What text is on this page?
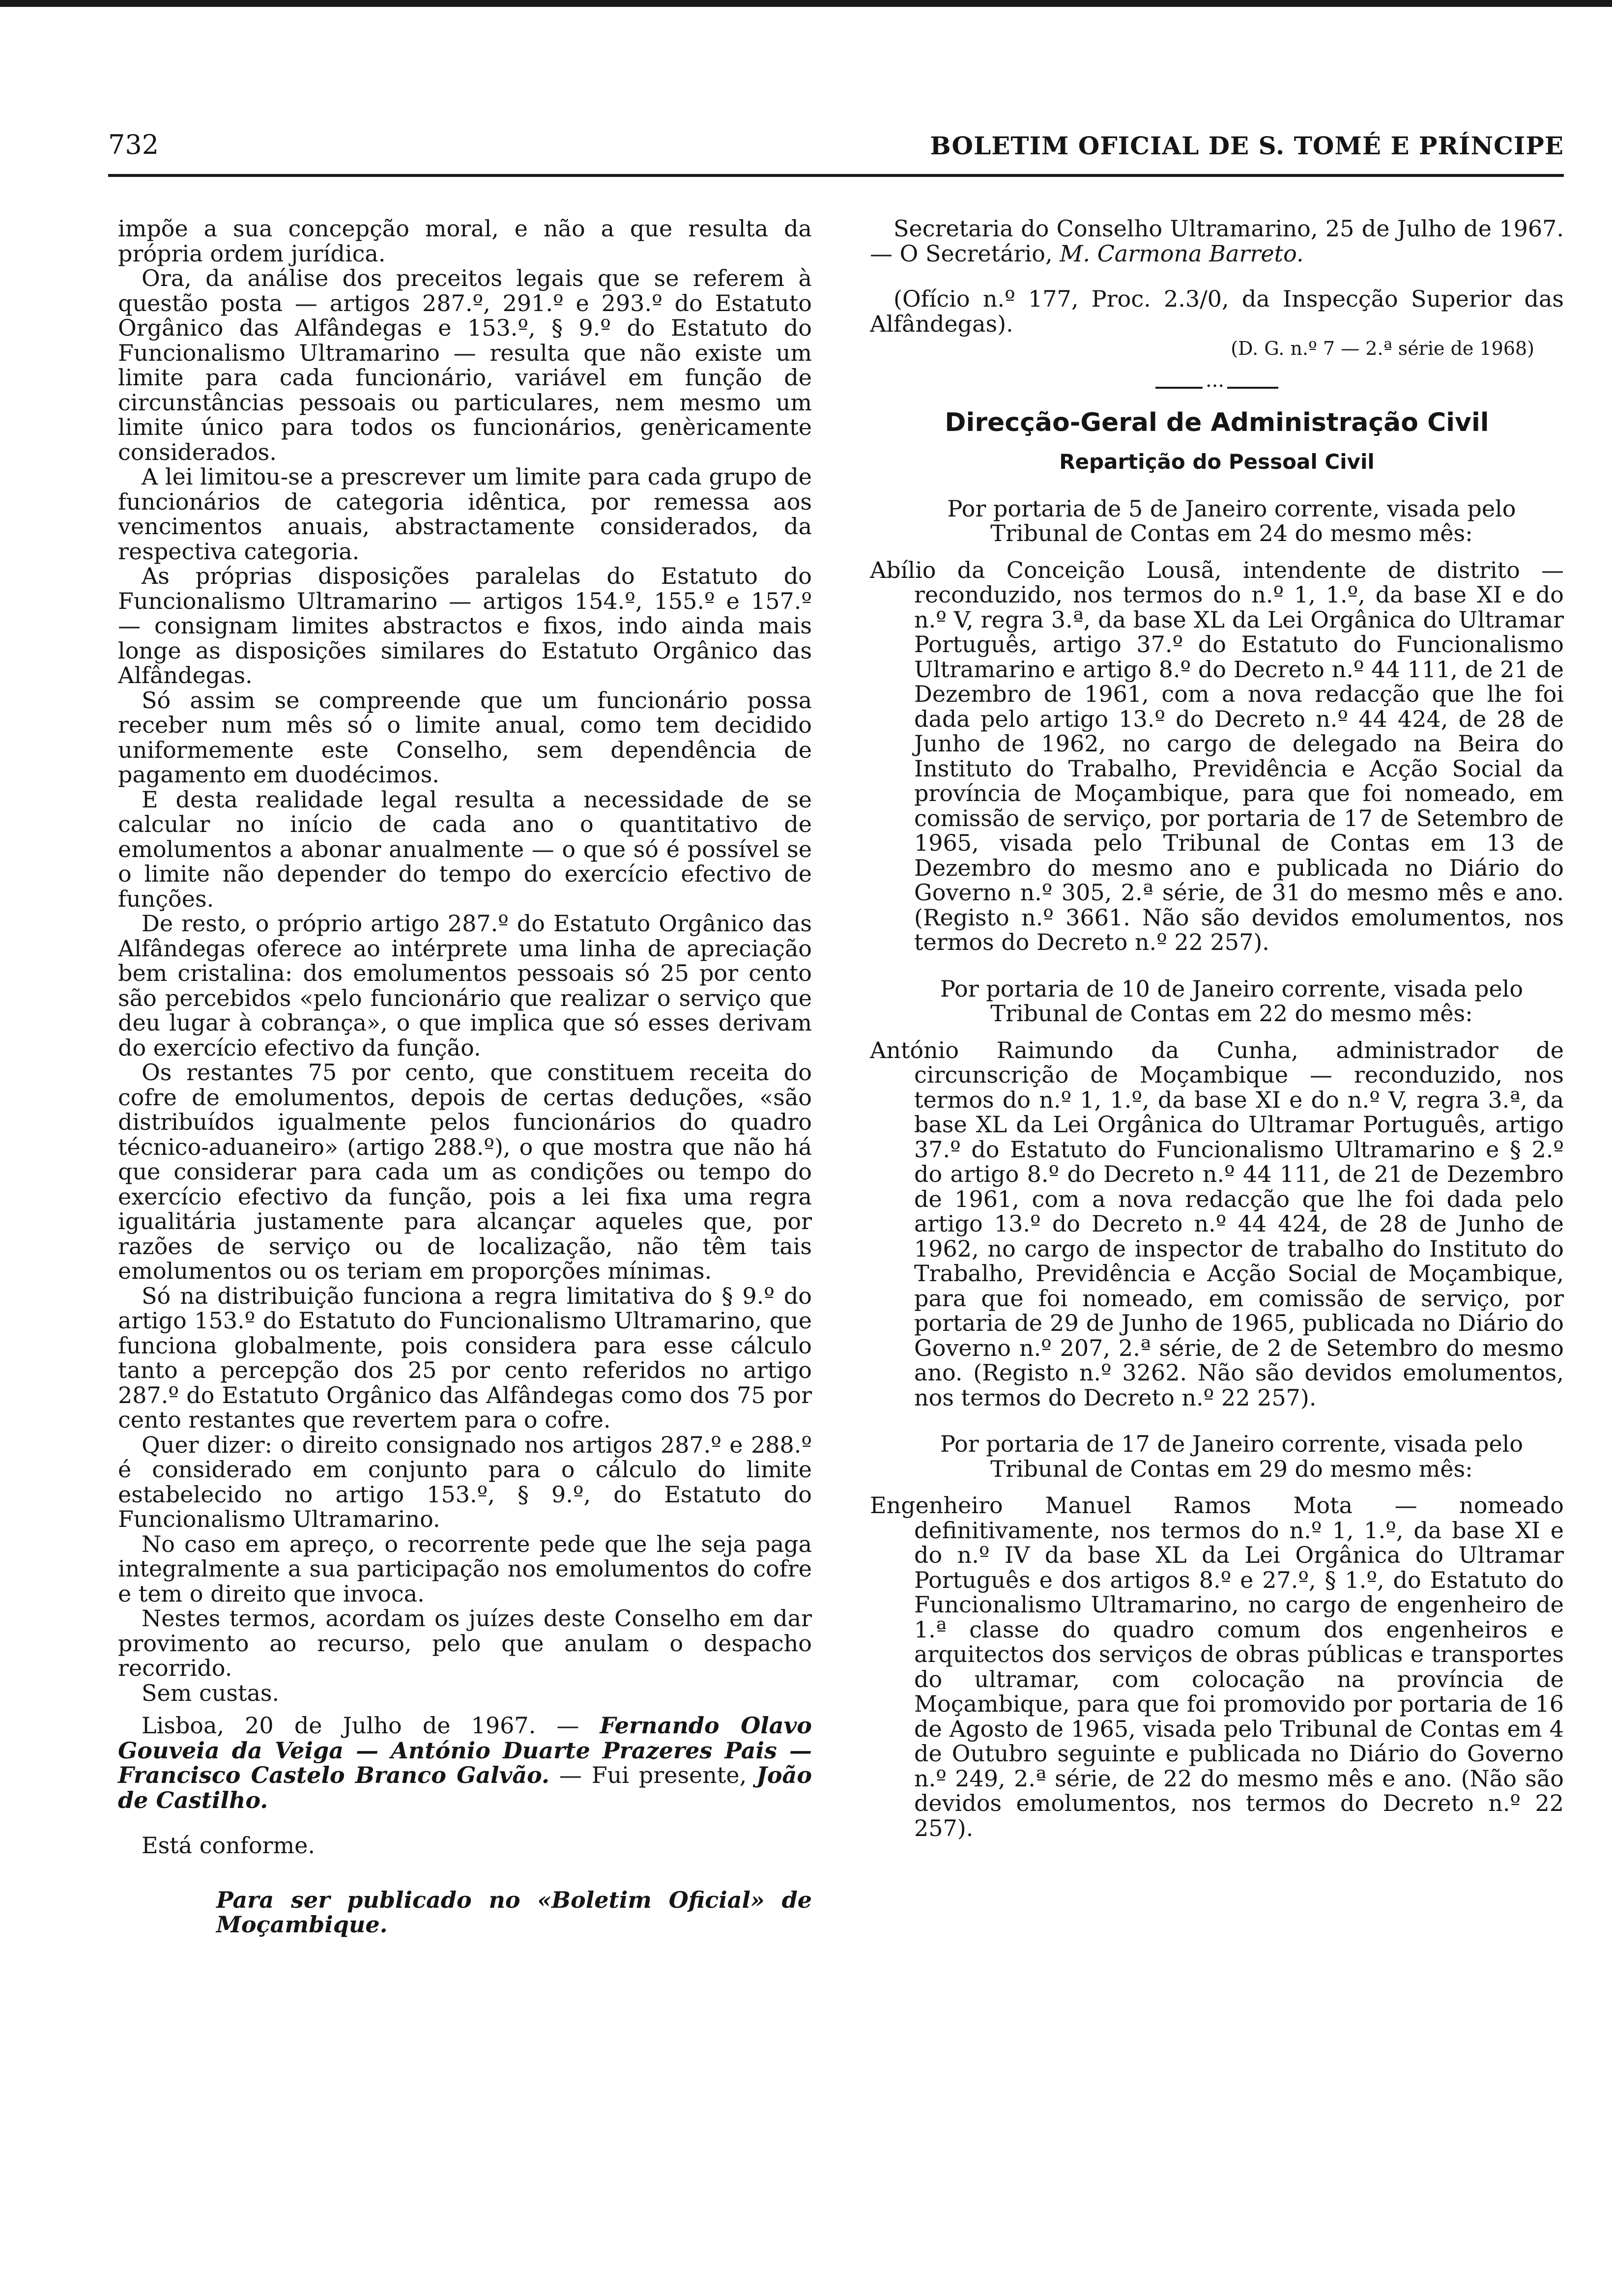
732	BOLETIM OFICIAL DE S. TOMÉ E PRÍNCIPE

impõe a sua concepção moral, e não a que resulta da própria ordem jurídica.

Ora, da análise dos preceitos legais que se referem à questão posta — artigos 287.º, 291.º e 293.º do Estatuto Orgânico das Alfândegas e 153.º, § 9.º do Estatuto do Funcionalismo Ultramarino — resulta que não existe um limite para cada funcionário, variável em função de circunstâncias pessoais ou particulares, nem mesmo um limite único para todos os funcionários, genèricamente considerados.

A lei limitou-se a prescrever um limite para cada grupo de funcionários de categoria idêntica, por remessa aos vencimentos anuais, abstractamente considerados, da respectiva categoria.

As próprias disposições paralelas do Estatuto do Funcionalismo Ultramarino — artigos 154.º, 155.º e 157.º — consignam limites abstractos e fixos, indo ainda mais longe as disposições similares do Estatuto Orgânico das Alfândegas.

Só assim se compreende que um funcionário possa receber num mês só o limite anual, como tem decidido uniformemente este Conselho, sem dependência de pagamento em duodécimos.

E desta realidade legal resulta a necessidade de se calcular no início de cada ano o quantitativo de emolumentos a abonar anualmente — o que só é possível se o limite não depender do tempo do exercício efectivo de funções.

De resto, o próprio artigo 287.º do Estatuto Orgânico das Alfândegas oferece ao intérprete uma linha de apreciação bem cristalina: dos emolumentos pessoais só 25 por cento são percebidos «pelo funcionário que realizar o serviço que deu lugar à cobrança», o que implica que só esses derivam do exercício efectivo da função.

Os restantes 75 por cento, que constituem receita do cofre de emolumentos, depois de certas deduções, «são distribuídos igualmente pelos funcionários do quadro técnico-aduaneiro» (artigo 288.º), o que mostra que não há que considerar para cada um as condições ou tempo do exercício efectivo da função, pois a lei fixa uma regra igualitária justamente para alcançar aqueles que, por razões de serviço ou de localização, não têm tais emolumentos ou os teriam em proporções mínimas.

Só na distribuição funciona a regra limitativa do § 9.º do artigo 153.º do Estatuto do Funcionalismo Ultramarino, que funciona globalmente, pois considera para esse cálculo tanto a percepção dos 25 por cento referidos no artigo 287.º do Estatuto Orgânico das Alfândegas como dos 75 por cento restantes que revertem para o cofre.

Quer dizer: o direito consignado nos artigos 287.º e 288.º é considerado em conjunto para o cálculo do limite estabelecido no artigo 153.º, § 9.º, do Estatuto do Funcionalismo Ultramarino.

No caso em apreço, o recorrente pede que lhe seja paga integralmente a sua participação nos emolumentos do cofre e tem o direito que invoca.

Nestes termos, acordam os juízes deste Conselho em dar provimento ao recurso, pelo que anulam o despacho recorrido.

Sem custas.

Lisboa, 20 de Julho de 1967. — Fernando Olavo Gouveia da Veiga — António Duarte Prazeres Pais — Francisco Castelo Branco Galvão. — Fui presente, João de Castilho.

Está conforme.

Para ser publicado no «Boletim Oficial» de Moçambique.

Secretaria do Conselho Ultramarino, 25 de Julho de 1967. — O Secretário, M. Carmona Barreto.

(Ofício n.º 177, Proc. 2.3/0, da Inspecção Superior das Alfândegas).

(D. G. n.º 7 — 2.ª série de 1968)

···

Direcção-Geral de Administração Civil

Repartição do Pessoal Civil

Por portaria de 5 de Janeiro corrente, visada pelo Tribunal de Contas em 24 do mesmo mês:

Abílio da Conceição Lousã, intendente de distrito — reconduzido, nos termos do n.º 1, 1.º, da base XI e do n.º V, regra 3.ª, da base XL da Lei Orgânica do Ultramar Português, artigo 37.º do Estatuto do Funcionalismo Ultramarino e artigo 8.º do Decreto n.º 44 111, de 21 de Dezembro de 1961, com a nova redacção que lhe foi dada pelo artigo 13.º do Decreto n.º 44 424, de 28 de Junho de 1962, no cargo de delegado na Beira do Instituto do Trabalho, Previdência e Acção Social da província de Moçambique, para que foi nomeado, em comissão de serviço, por portaria de 17 de Setembro de 1965, visada pelo Tribunal de Contas em 13 de Dezembro do mesmo ano e publicada no Diário do Governo n.º 305, 2.ª série, de 31 do mesmo mês e ano. (Registo n.º 3661. Não são devidos emolumentos, nos termos do Decreto n.º 22 257).

Por portaria de 10 de Janeiro corrente, visada pelo Tribunal de Contas em 22 do mesmo mês:

António Raimundo da Cunha, administrador de circunscrição de Moçambique — reconduzido, nos termos do n.º 1, 1.º, da base XI e do n.º V, regra 3.ª, da base XL da Lei Orgânica do Ultramar Português, artigo 37.º do Estatuto do Funcionalismo Ultramarino e § 2.º do artigo 8.º do Decreto n.º 44 111, de 21 de Dezembro de 1961, com a nova redacção que lhe foi dada pelo artigo 13.º do Decreto n.º 44 424, de 28 de Junho de 1962, no cargo de inspector de trabalho do Instituto do Trabalho, Previdência e Acção Social de Moçambique, para que foi nomeado, em comissão de serviço, por portaria de 29 de Junho de 1965, publicada no Diário do Governo n.º 207, 2.ª série, de 2 de Setembro do mesmo ano. (Registo n.º 3262. Não são devidos emolumentos, nos termos do Decreto n.º 22 257).

Por portaria de 17 de Janeiro corrente, visada pelo Tribunal de Contas em 29 do mesmo mês:

Engenheiro Manuel Ramos Mota — nomeado definitivamente, nos termos do n.º 1, 1.º, da base XI e do n.º IV da base XL da Lei Orgânica do Ultramar Português e dos artigos 8.º e 27.º, § 1.º, do Estatuto do Funcionalismo Ultramarino, no cargo de engenheiro de 1.ª classe do quadro comum dos engenheiros e arquitectos dos serviços de obras públicas e transportes do ultramar, com colocação na província de Moçambique, para que foi promovido por portaria de 16 de Agosto de 1965, visada pelo Tribunal de Contas em 4 de Outubro seguinte e publicada no Diário do Governo n.º 249, 2.ª série, de 22 do mesmo mês e ano. (Não são devidos emolumentos, nos termos do Decreto n.º 22 257).
